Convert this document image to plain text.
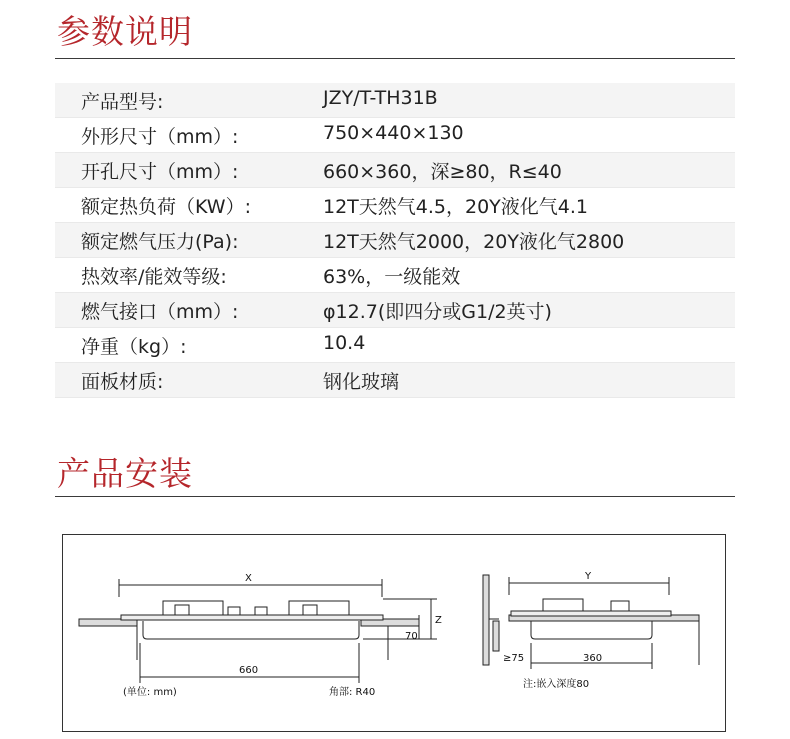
参数说明
产品型号:	JZY/T-TH31B
外形尺寸（mm）:	750×440×130
开孔尺寸（mm）:	660×360，深≥80，R≤40
额定热负荷（KW）:	12T天然气4.5，20Y液化气4.1
额定燃气压力(Pa):	12T天然气2000，20Y液化气2800
热效率/能效等级:	63%，一级能效
燃气接口（mm）:	φ12.7(即四分或G1/2英寸)
净重（kg）:	10.4
面板材质:	钢化玻璃
产品安装
X
660
Z
70
(单位: mm)	角部: R40
Y
360
≥75
注:嵌入深度80
